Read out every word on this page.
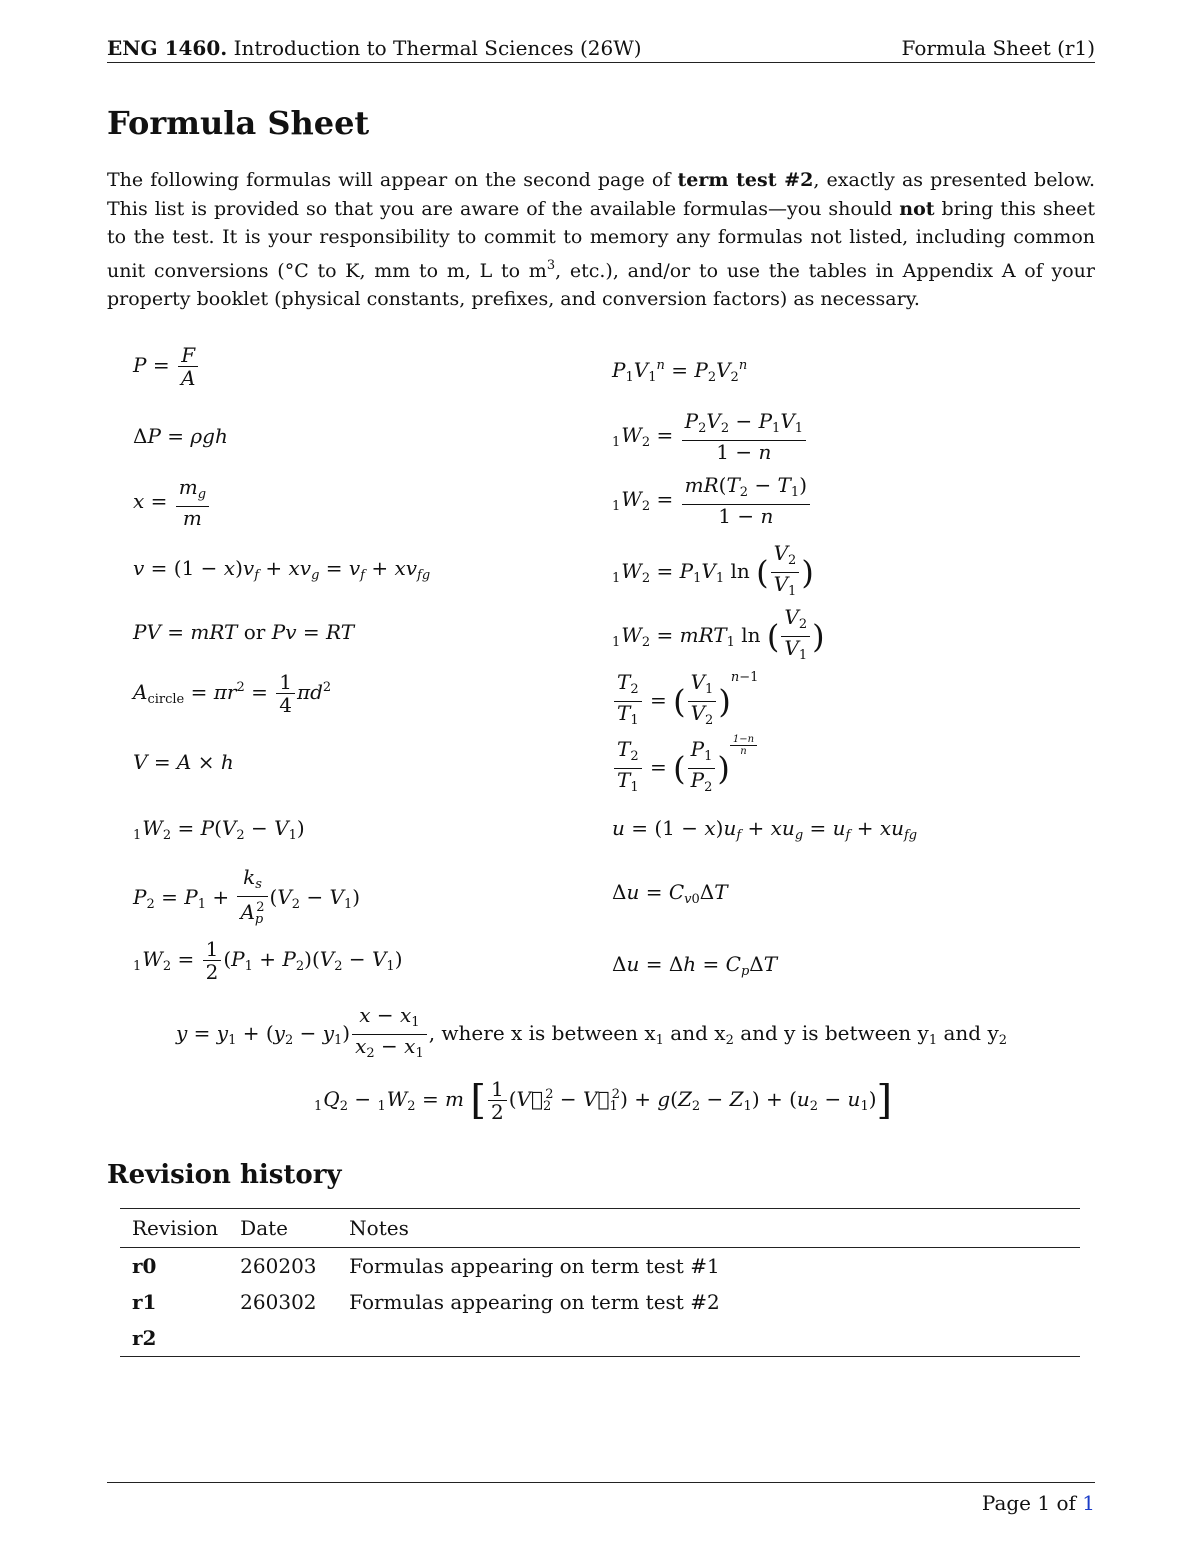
ENG 1460. Introduction to Thermal Sciences (26W)	Formula Sheet (r1)
Formula Sheet
The following formulas will appear on the second page of term test #2, exactly as presented below. This list is provided so that you are aware of the available formulas—you should not bring this sheet to the test. It is your responsibility to commit to memory any formulas not listed, including common unit conversions (°C to K, mm to m, L to $m^3$, etc.), and/or to use the tables in Appendix A of your property booklet (physical constants, prefixes, and conversion factors) as necessary.
$P = \frac{F}{A}$
ΔP = ρgh
$x = \frac{m_g}{m}$
$v = (1 - x)v_f + xv_g = v_f + xv_{fg}$
PV = mRT or Pv = RT
$A_{circle} = \pi r^2 = \frac{1}{4} \pi d^2$
V = A × h
$_1W_2 = P(V_2 - V_1)$
$P_2 = P_1 + \frac{k_s}{A_p^2} (V_2 - V_1)$
$_1W_2 = \frac{1}{2} (P_1 + P_2)(V_2 - V_1)$
$P_1V_1^n = P_2V_2^n$
$_1W_2 = \frac{P_2V_2 - P_1V_1}{1 - n}$
$_1W_2 = \frac{mR(T_2 - T_1)}{1 - n}$
$_1W_2 = P_1V_1$ ln ( $\frac{V_2}{V_1}$ )
$_1W_2 = mRT_1$ ln ( $\frac{V_2}{V_1}$ )
$\frac{T_2}{T_1}$ = ( $\frac{V_1}{V_2} )^{n-1}$
$\frac{T_2}{T_1}$ = ( $\frac{P_1}{P_2}$ )
$^{\frac{1-n}{n}}$
$u = (1 - x)u_f + xu_g = u_f + xu_{fg}$
$\Delta u = C_{v0}\Delta T$
$\Delta u = \Delta h = C_p\Delta T$
$y = y_1 + (y_2 - y_1) \frac{x - x_1}{x_2 - x_1}$ , where x is between $x_1$ and $x_2$ and y is between $y_1$ and $y_2$
$_1Q_2 - _1W_2 = m$ [ $\frac{1}{2}$ ($V⃗_2^2$ − $V⃗_1^2) + g(Z_2 - Z_1) + (u_2 - u_1)$]
Revision history
Revision	Date	Notes
r0	260203	Formulas appearing on term test #1
r1	260302	Formulas appearing on term test #2
r2		
Page 1 of 1
